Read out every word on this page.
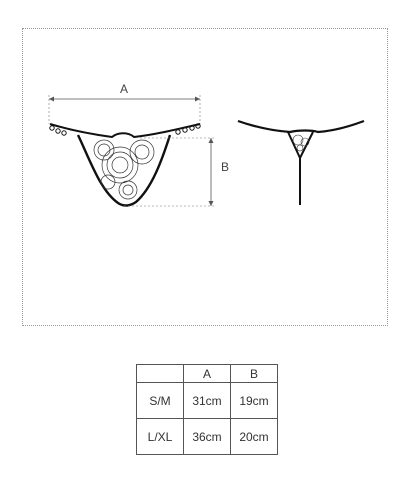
A
B
	A	B
S/M	31cm	19cm
L/XL	36cm	20cm
